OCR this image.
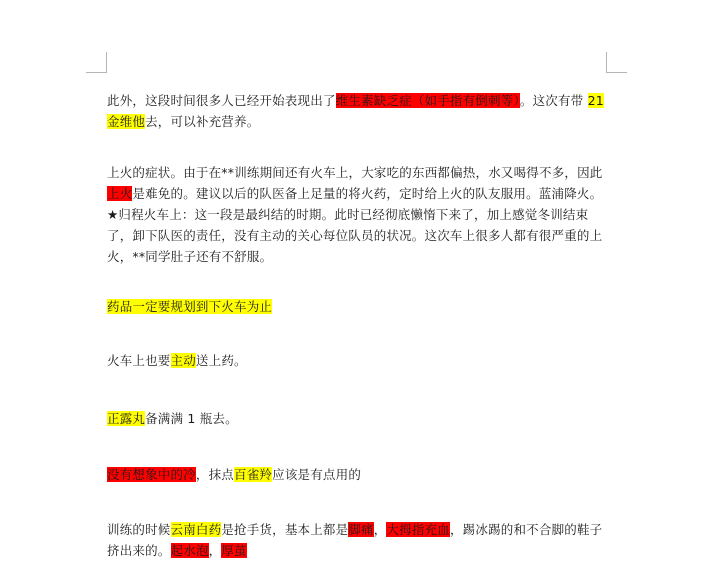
此外，这段时间很多人已经开始表现出了维生素缺乏症（如手指有倒刺等）。这次有带 21 金维他去，可以补充营养。

上火的症状。由于在**训练期间还有火车上，大家吃的东西都偏热，水又喝得不多，因此上火是难免的。建议以后的队医备上足量的将火药，定时给上火的队友服用。蓝浦降火。★归程火车上：这一段是最纠结的时期。此时已经彻底懒惰下来了，加上感觉冬训结束了，卸下队医的责任，没有主动的关心每位队员的状况。这次车上很多人都有很严重的上火，**同学肚子还有不舒服。

药品一定要规划到下火车为止

火车上也要主动送上药。

正露丸备满满 1 瓶去。

没有想象中的冷，抹点百雀羚应该是有点用的

训练的时候云南白药是抢手货，基本上都是脚痛，大拇指充血，踢冰踢的和不合脚的鞋子挤出来的。起水泡，厚茧
